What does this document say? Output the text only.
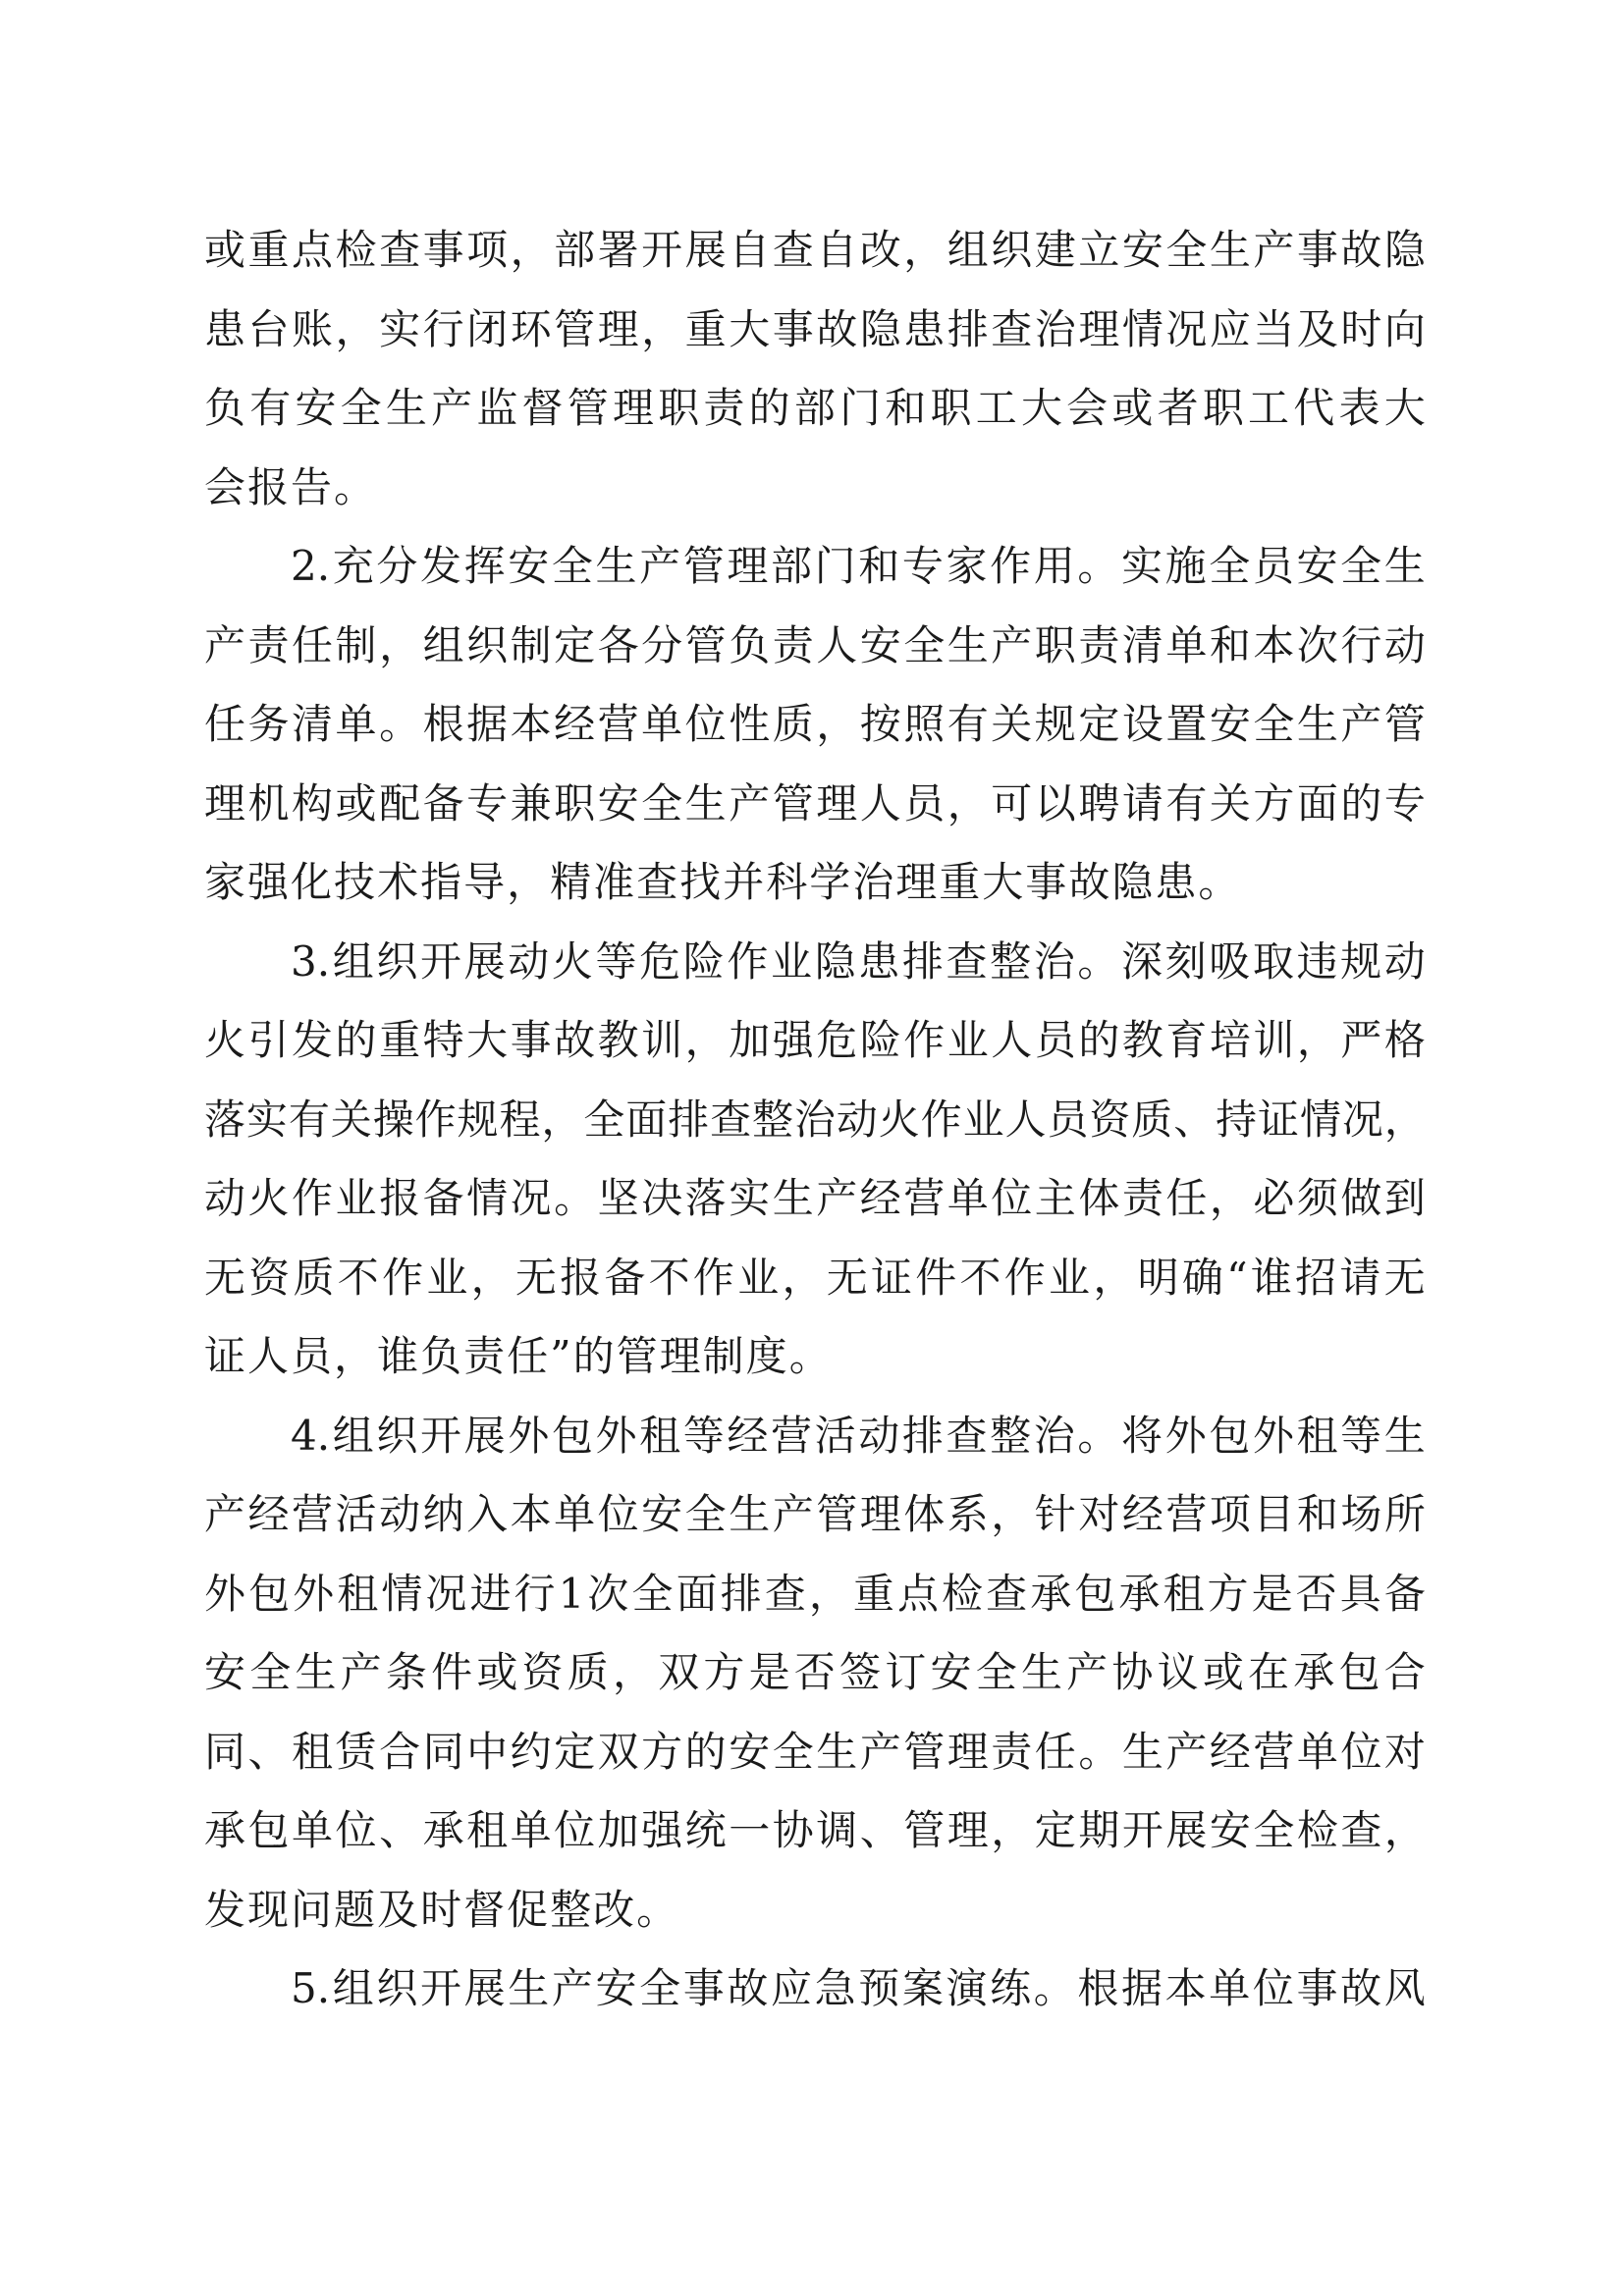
或 重 点 检 查 事 项 ， 部 署 开 展 自 查 自 改 ， 组 织 建 立 安 全 生 产 事 故 隐
患 台 账 ， 实 行 闭 环 管 理 ， 重 大 事 故 隐 患 排 查 治 理 情 况 应 当 及 时 向
负 有 安 全 生 产 监 督 管 理 职 责 的 部 门 和 职 工 大 会 或 者 职 工 代 表 大
会 报 告 。
2. 充 分 发 挥 安 全 生 产 管 理 部 门 和 专 家 作 用 。 实 施 全 员 安 全 生
产 责 任 制 ， 组 织 制 定 各 分 管 负 责 人 安 全 生 产 职 责 清 单 和 本 次 行 动
任 务 清 单 。 根 据 本 经 营 单 位 性 质 ， 按 照 有 关 规 定 设 置 安 全 生 产 管
理 机 构 或 配 备 专 兼 职 安 全 生 产 管 理 人 员 ， 可 以 聘 请 有 关 方 面 的 专
家 强 化 技 术 指 导 ， 精 准 查 找 并 科 学 治 理 重 大 事 故 隐 患 。
3. 组 织 开 展 动 火 等 危 险 作 业 隐 患 排 查 整 治 。 深 刻 吸 取 违 规 动
火 引 发 的 重 特 大 事 故 教 训 ， 加 强 危 险 作 业 人 员 的 教 育 培 训 ， 严 格
落 实 有 关 操 作 规 程 ， 全 面 排 查 整 治 动 火 作 业 人 员 资 质 、 持 证 情 况 ，
动 火 作 业 报 备 情 况 。 坚 决 落 实 生 产 经 营 单 位 主 体 责 任 ， 必 须 做 到
无 资 质 不 作 业 ， 无 报 备 不 作 业 ， 无 证 件 不 作 业 ， 明 确 “ 谁 招 请 无
证 人 员 ， 谁 负 责 任 ” 的 管 理 制 度 。
4. 组 织 开 展 外 包 外 租 等 经 营 活 动 排 查 整 治 。 将 外 包 外 租 等 生
产 经 营 活 动 纳 入 本 单 位 安 全 生 产 管 理 体 系 ， 针 对 经 营 项 目 和 场 所
外 包 外 租 情 况 进 行 1 次 全 面 排 查 ， 重 点 检 查 承 包 承 租 方 是 否 具 备
安 全 生 产 条 件 或 资 质 ， 双 方 是 否 签 订 安 全 生 产 协 议 或 在 承 包 合
同 、 租 赁 合 同 中 约 定 双 方 的 安 全 生 产 管 理 责 任 。 生 产 经 营 单 位 对
承 包 单 位 、 承 租 单 位 加 强 统 一 协 调 、 管 理 ， 定 期 开 展 安 全 检 查 ，
发 现 问 题 及 时 督 促 整 改 。
5. 组 织 开 展 生 产 安 全 事 故 应 急 预 案 演 练 。 根 据 本 单 位 事 故 风
